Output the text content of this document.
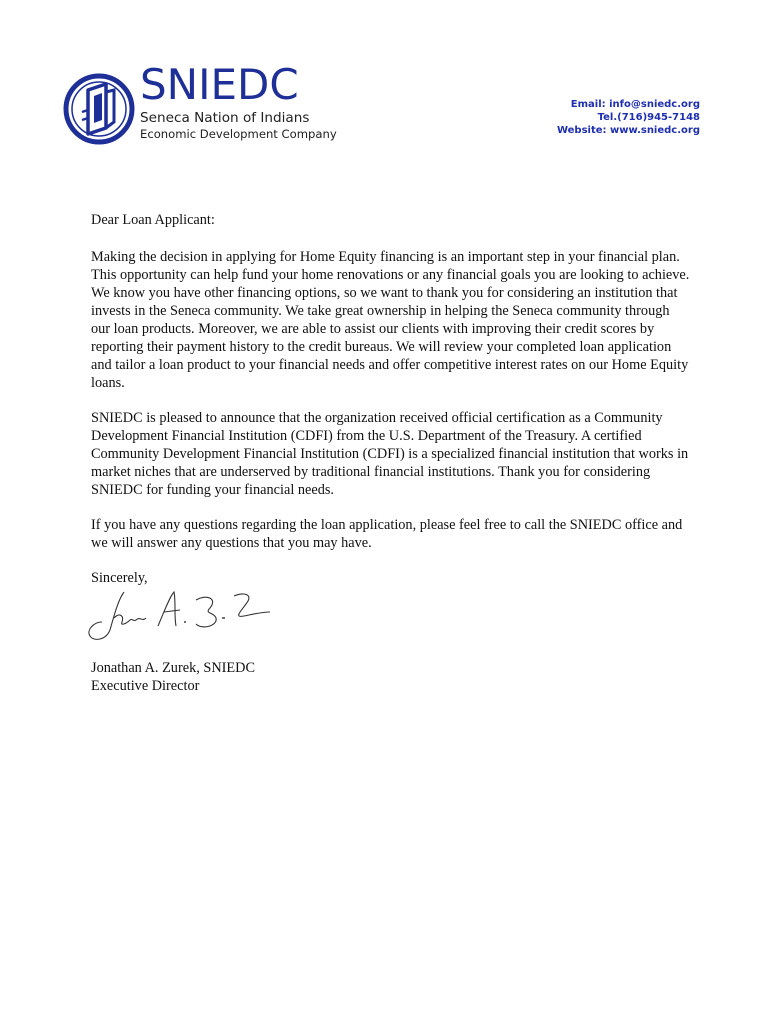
SNIEDC
Seneca Nation of Indians
Economic Development Company
Email: info@sniedc.org
Tel.(716)945-7148
Website: www.sniedc.org

Dear Loan Applicant:

Making the decision in applying for Home Equity financing is an important step in your financial plan. This opportunity can help fund your home renovations or any financial goals you are looking to achieve. We know you have other financing options, so we want to thank you for considering an institution that invests in the Seneca community. We take great ownership in helping the Seneca community through our loan products. Moreover, we are able to assist our clients with improving their credit scores by reporting their payment history to the credit bureaus. We will review your completed loan application and tailor a loan product to your financial needs and offer competitive interest rates on our Home Equity loans.

SNIEDC is pleased to announce that the organization received official certification as a Community Development Financial Institution (CDFI) from the U.S. Department of the Treasury. A certified Community Development Financial Institution (CDFI) is a specialized financial institution that works in market niches that are underserved by traditional financial institutions. Thank you for considering SNIEDC for funding your financial needs.

If you have any questions regarding the loan application, please feel free to call the SNIEDC office and we will answer any questions that you may have.

Sincerely,

Jonathan A. Zurek, SNIEDC
Executive Director
